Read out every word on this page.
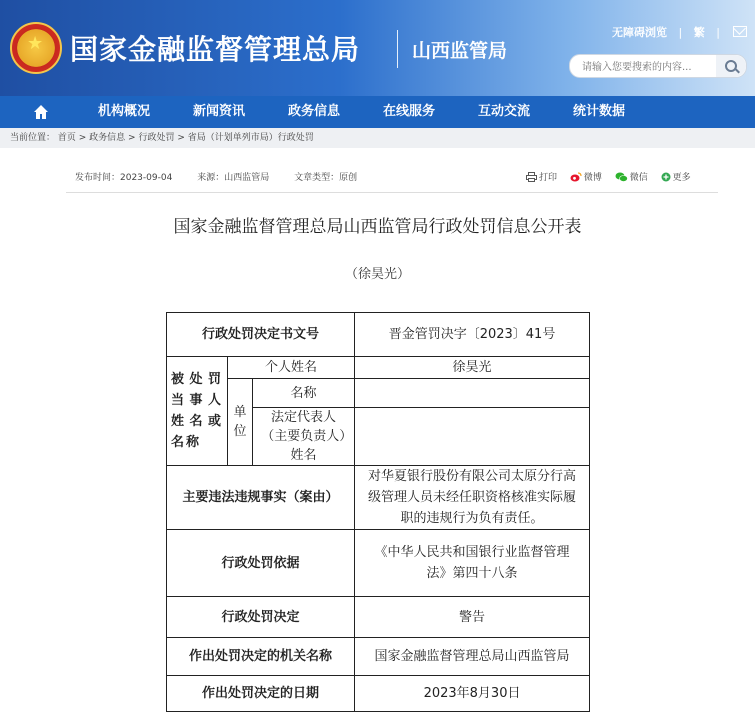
★
国家金融监督管理总局	山西监管局
无障碍浏览 | 繁 |
请输入您要搜索的内容...
机构概况	新闻资讯	政务信息	在线服务	互动交流	统计数据
当前位置： 首页 > 政务信息 > 行政处罚 > 省局（计划单列市局）行政处罚
发布时间：2023-09-04	来源：山西监管局	文章类型：原创	打印	微博	微信	更多
国家金融监督管理总局山西监管局行政处罚信息公开表
（徐昊光）
行政处罚决定书文号			晋金管罚决字〔2023〕41号
被处罚当事人姓名或名称	个人姓名		徐昊光
	单位	名称	
		法定代表人（主要负责人）姓名	

主要违法违规事实（案由）			对华夏银行股份有限公司太原分行高级管理人员未经任职资格核准实际履职的违规行为负有责任。
行政处罚依据			《中华人民共和国银行业监督管理法》第四十八条
行政处罚决定			警告
作出处罚决定的机关名称			国家金融监督管理总局山西监管局
作出处罚决定的日期			2023年8月30日
